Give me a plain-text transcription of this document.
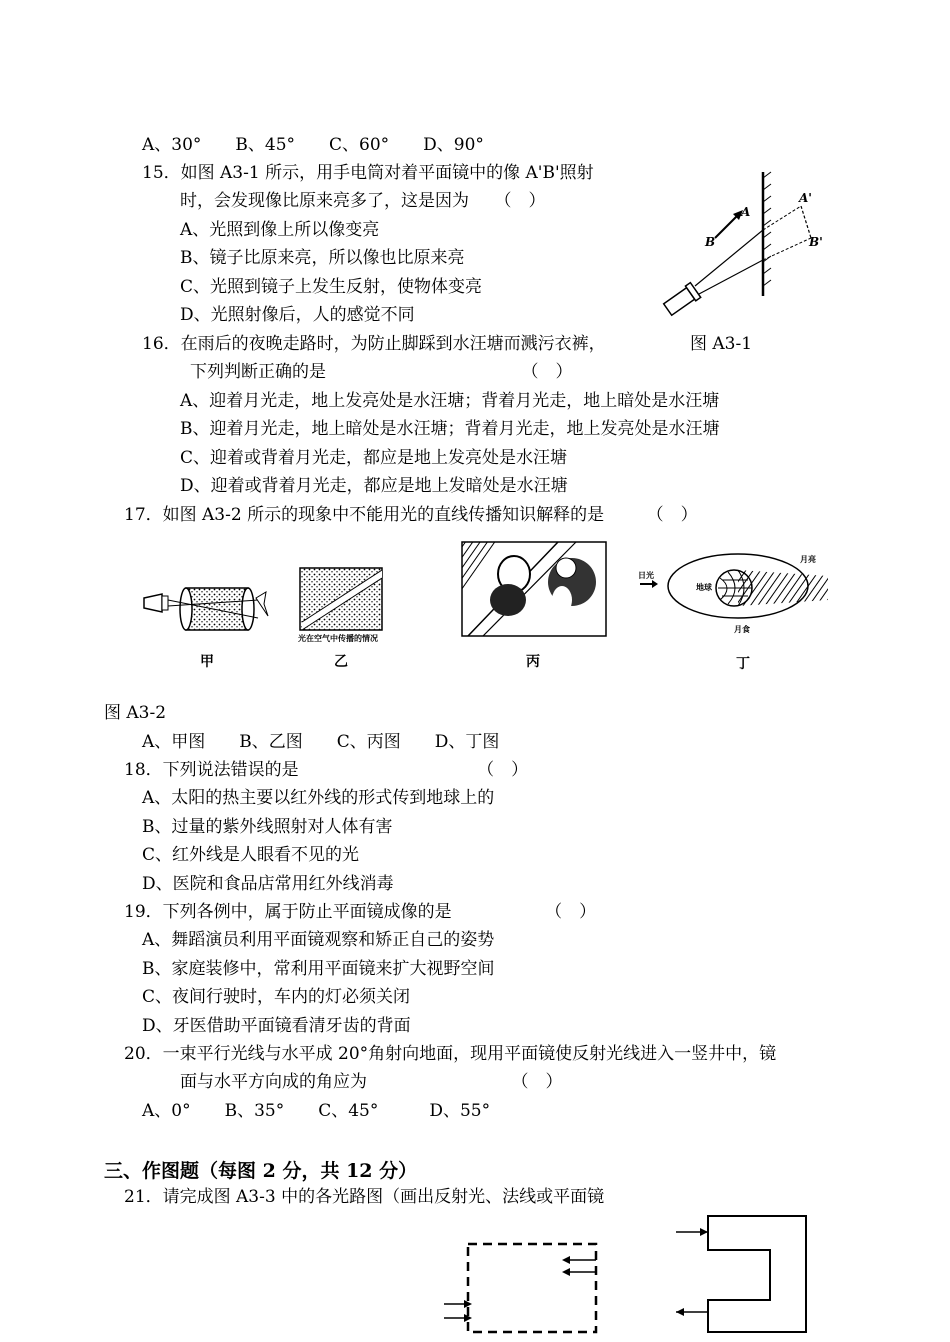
A、30°　　B、45°　　C、60°　　D、90°
15．如图 A3-1 所示，用手电筒对着平面镜中的像 A'B'照射
时，会发现像比原来亮多了，这是因为　　（　）
A、光照到像上所以像变亮
B、镜子比原来亮，所以像也比原来亮
C、光照到镜子上发生反射，使物体变亮
D、光照射像后，人的感觉不同
A
B
A'
B'
16．在雨后的夜晚走路时，为防止脚踩到水汪塘而溅污衣裤，	图 A3-1
下列判断正确的是　　　　　　　　　　　　（　）
A、迎着月光走，地上发亮处是水汪塘；背着月光走，地上暗处是水汪塘
B、迎着月光走，地上暗处是水汪塘；背着月光走，地上发亮处是水汪塘
C、迎着或背着月光走，都应是地上发亮处是水汪塘
D、迎着或背着月光走，都应是地上发暗处是水汪塘
17．如图 A3-2 所示的现象中不能用光的直线传播知识解释的是　　　（　）
甲
光在空气中传播的情况
乙	丙
日光
地球
月亮
月食
丁
图 A3-2
A、甲图　　B、乙图　　C、丙图　　D、丁图
18．下列说法错误的是　　　　　　　　　　　（　）
A、太阳的热主要以红外线的形式传到地球上的
B、过量的紫外线照射对人体有害
C、红外线是人眼看不见的光
D、医院和食品店常用红外线消毒
19．下列各例中，属于防止平面镜成像的是　　　　　　（　）
A、舞蹈演员利用平面镜观察和矫正自己的姿势
B、家庭装修中，常利用平面镜来扩大视野空间
C、夜间行驶时，车内的灯必须关闭
D、牙医借助平面镜看清牙齿的背面
20．一束平行光线与水平成 20°角射向地面，现用平面镜使反射光线进入一竖井中，镜
面与水平方向成的角应为　　　　　　　　　（　）
A、0°　　B、35°　　C、45°　　　D、55°
三、作图题（每图 2 分，共 12 分）
21．请完成图 A3-3 中的各光路图（画出反射光、法线或平面镜
